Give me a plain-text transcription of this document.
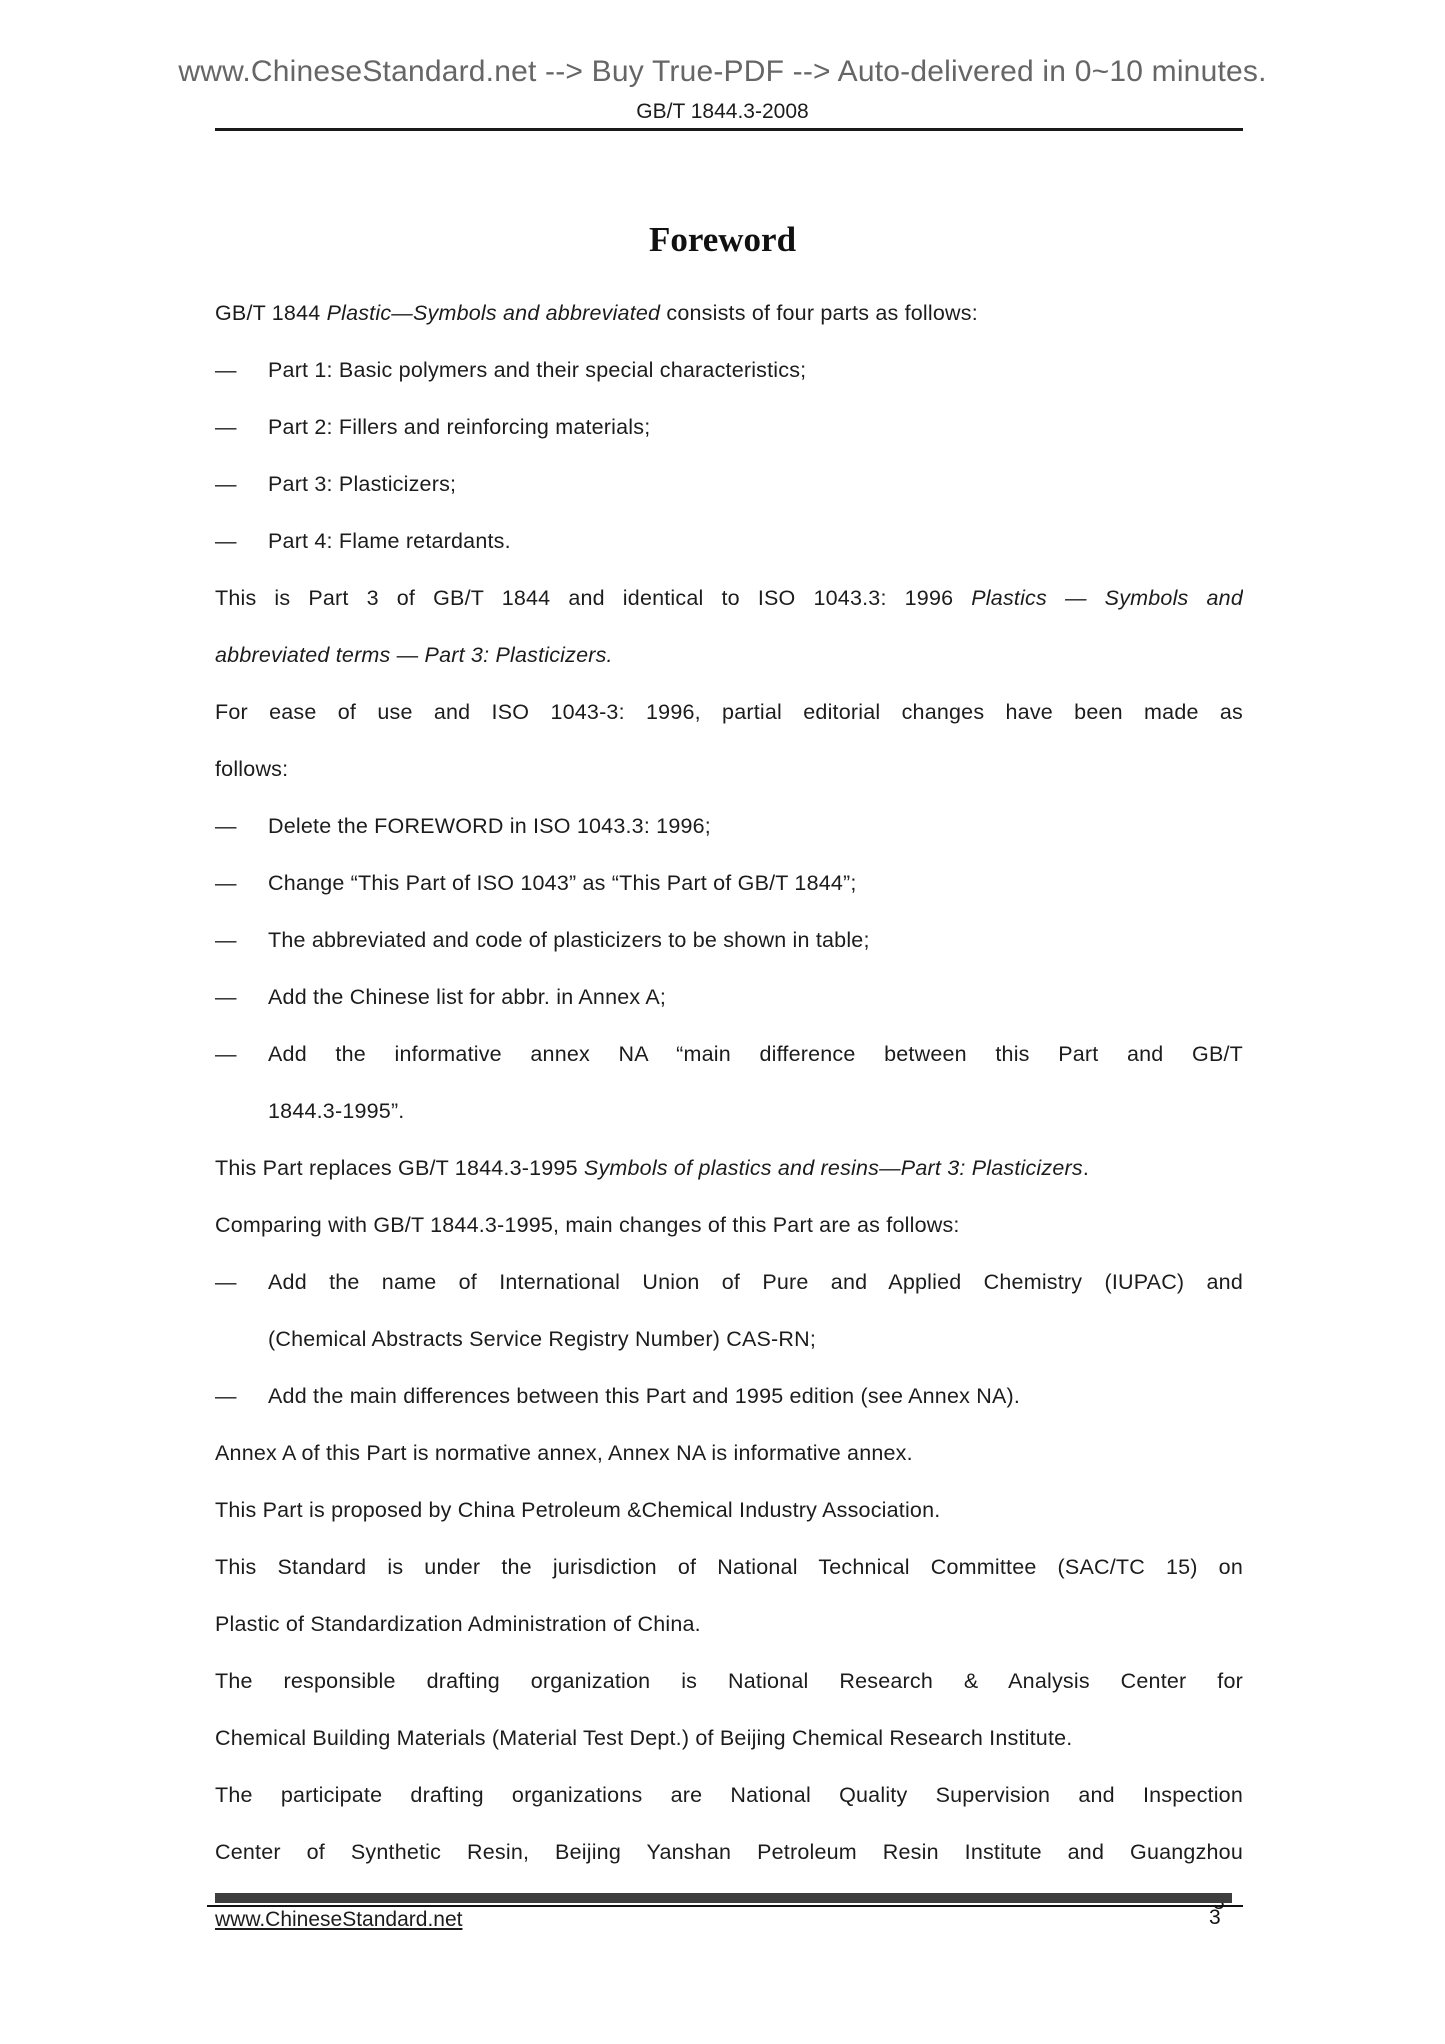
www.ChineseStandard.net --> Buy True-PDF --> Auto-delivered in 0~10 minutes.
GB/T 1844.3-2008
Foreword
GB/T 1844 Plastic—Symbols and abbreviated consists of four parts as follows:
— Part 1: Basic polymers and their special characteristics;
— Part 2: Fillers and reinforcing materials;
— Part 3: Plasticizers;
— Part 4: Flame retardants.
This is Part 3 of GB/T 1844 and identical to ISO 1043.3: 1996 Plastics — Symbols and
abbreviated terms — Part 3: Plasticizers.
For ease of use and ISO 1043-3: 1996, partial editorial changes have been made as
follows:
— Delete the FOREWORD in ISO 1043.3: 1996;
— Change “This Part of ISO 1043” as “This Part of GB/T 1844”;
— The abbreviated and code of plasticizers to be shown in table;
— Add the Chinese list for abbr. in Annex A;
— Add the informative annex NA “main difference between this Part and GB/T
1844.3-1995”.
This Part replaces GB/T 1844.3-1995 Symbols of plastics and resins—Part 3: Plasticizers.
Comparing with GB/T 1844.3-1995, main changes of this Part are as follows:
— Add the name of International Union of Pure and Applied Chemistry (IUPAC) and
(Chemical Abstracts Service Registry Number) CAS-RN;
— Add the main differences between this Part and 1995 edition (see Annex NA).
Annex A of this Part is normative annex, Annex NA is informative annex.
This Part is proposed by China Petroleum &Chemical Industry Association.
This Standard is under the jurisdiction of National Technical Committee (SAC/TC 15) on
Plastic of Standardization Administration of China.
The responsible drafting organization is National Research & Analysis Center for
Chemical Building Materials (Material Test Dept.) of Beijing Chemical Research Institute.
The participate drafting organizations are National Quality Supervision and Inspection
Center of Synthetic Resin, Beijing Yanshan Petroleum Resin Institute and Guangzhou
www.ChineseStandard.net	3
